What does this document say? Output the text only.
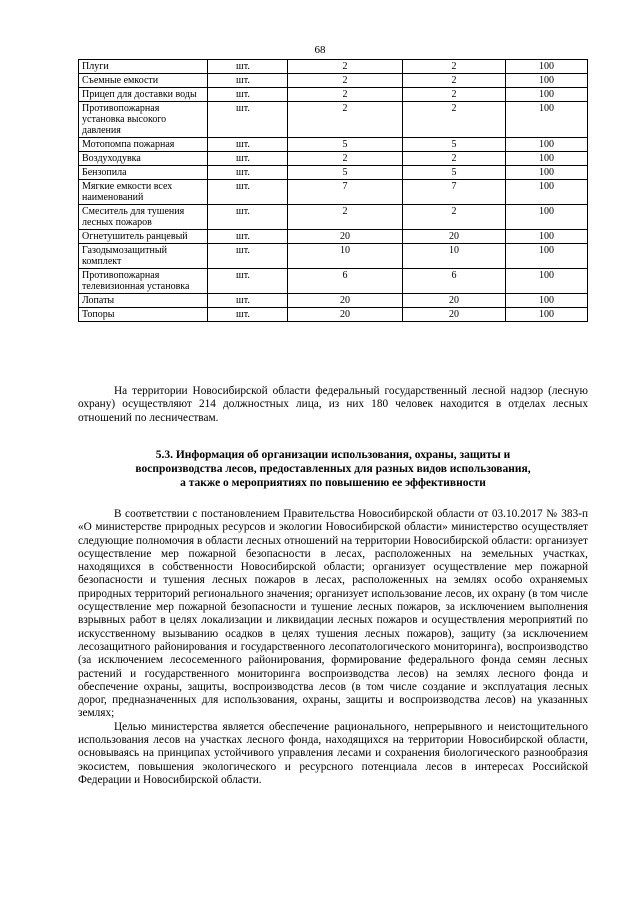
68
Плуги	шт.	2	2	100
Съемные емкости	шт.	2	2	100
Прицеп для доставки воды	шт.	2	2	100
Противопожарная установка высокого давления	шт.	2	2	100
Мотопомпа пожарная	шт.	5	5	100
Воздуходувка	шт.	2	2	100
Бензопила	шт.	5	5	100
Мягкие емкости всех наименований	шт.	7	7	100
Смеситель для тушения лесных пожаров	шт.	2	2	100
Огнетушитель ранцевый	шт.	20	20	100
Газодымозащитный комплект	шт.	10	10	100
Противопожарная телевизионная установка	шт.	6	6	100
Лопаты	шт.	20	20	100
Топоры	шт.	20	20	100

На территории Новосибирской области федеральный государственный лесной надзор (лесную охрану) осуществляют 214 должностных лица, из них 180 человек находится в отделах лесных отношений по лесничествам.

5.3. Информация об организации использования, охраны, защиты и
воспроизводства лесов, предоставленных для разных видов использования,
а также о мероприятиях по повышению ее эффективности

В соответствии с постановлением Правительства Новосибирской области от 03.10.2017 № 383-п «О министерстве природных ресурсов и экологии Новосибирской области» министерство осуществляет следующие полномочия в области лесных отношений на территории Новосибирской области: организует осуществление мер пожарной безопасности в лесах, расположенных на земельных участках, находящихся в собственности Новосибирской области; организует осуществление мер пожарной безопасности и тушения лесных пожаров в лесах, расположенных на землях особо охраняемых природных территорий регионального значения; организует использование лесов, их охрану (в том числе осуществление мер пожарной безопасности и тушение лесных пожаров, за исключением выполнения взрывных работ в целях локализации и ликвидации лесных пожаров и осуществления мероприятий по искусственному вызыванию осадков в целях тушения лесных пожаров), защиту (за исключением лесозащитного районирования и государственного лесопатологического мониторинга), воспроизводство (за исключением лесосеменного районирования, формирование федерального фонда семян лесных растений и государственного мониторинга воспроизводства лесов) на землях лесного фонда и обеспечение охраны, защиты, воспроизводства лесов (в том числе создание и эксплуатация лесных дорог, предназначенных для использования, охраны, защиты и воспроизводства лесов) на указанных землях;

Целью министерства является обеспечение рационального, непрерывного и неистощительного использования лесов на участках лесного фонда, находящихся на территории Новосибирской области, основываясь на принципах устойчивого управления лесами и сохранения биологического разнообразия экосистем, повышения экологического и ресурсного потенциала лесов в интересах Российской Федерации и Новосибирской области.
